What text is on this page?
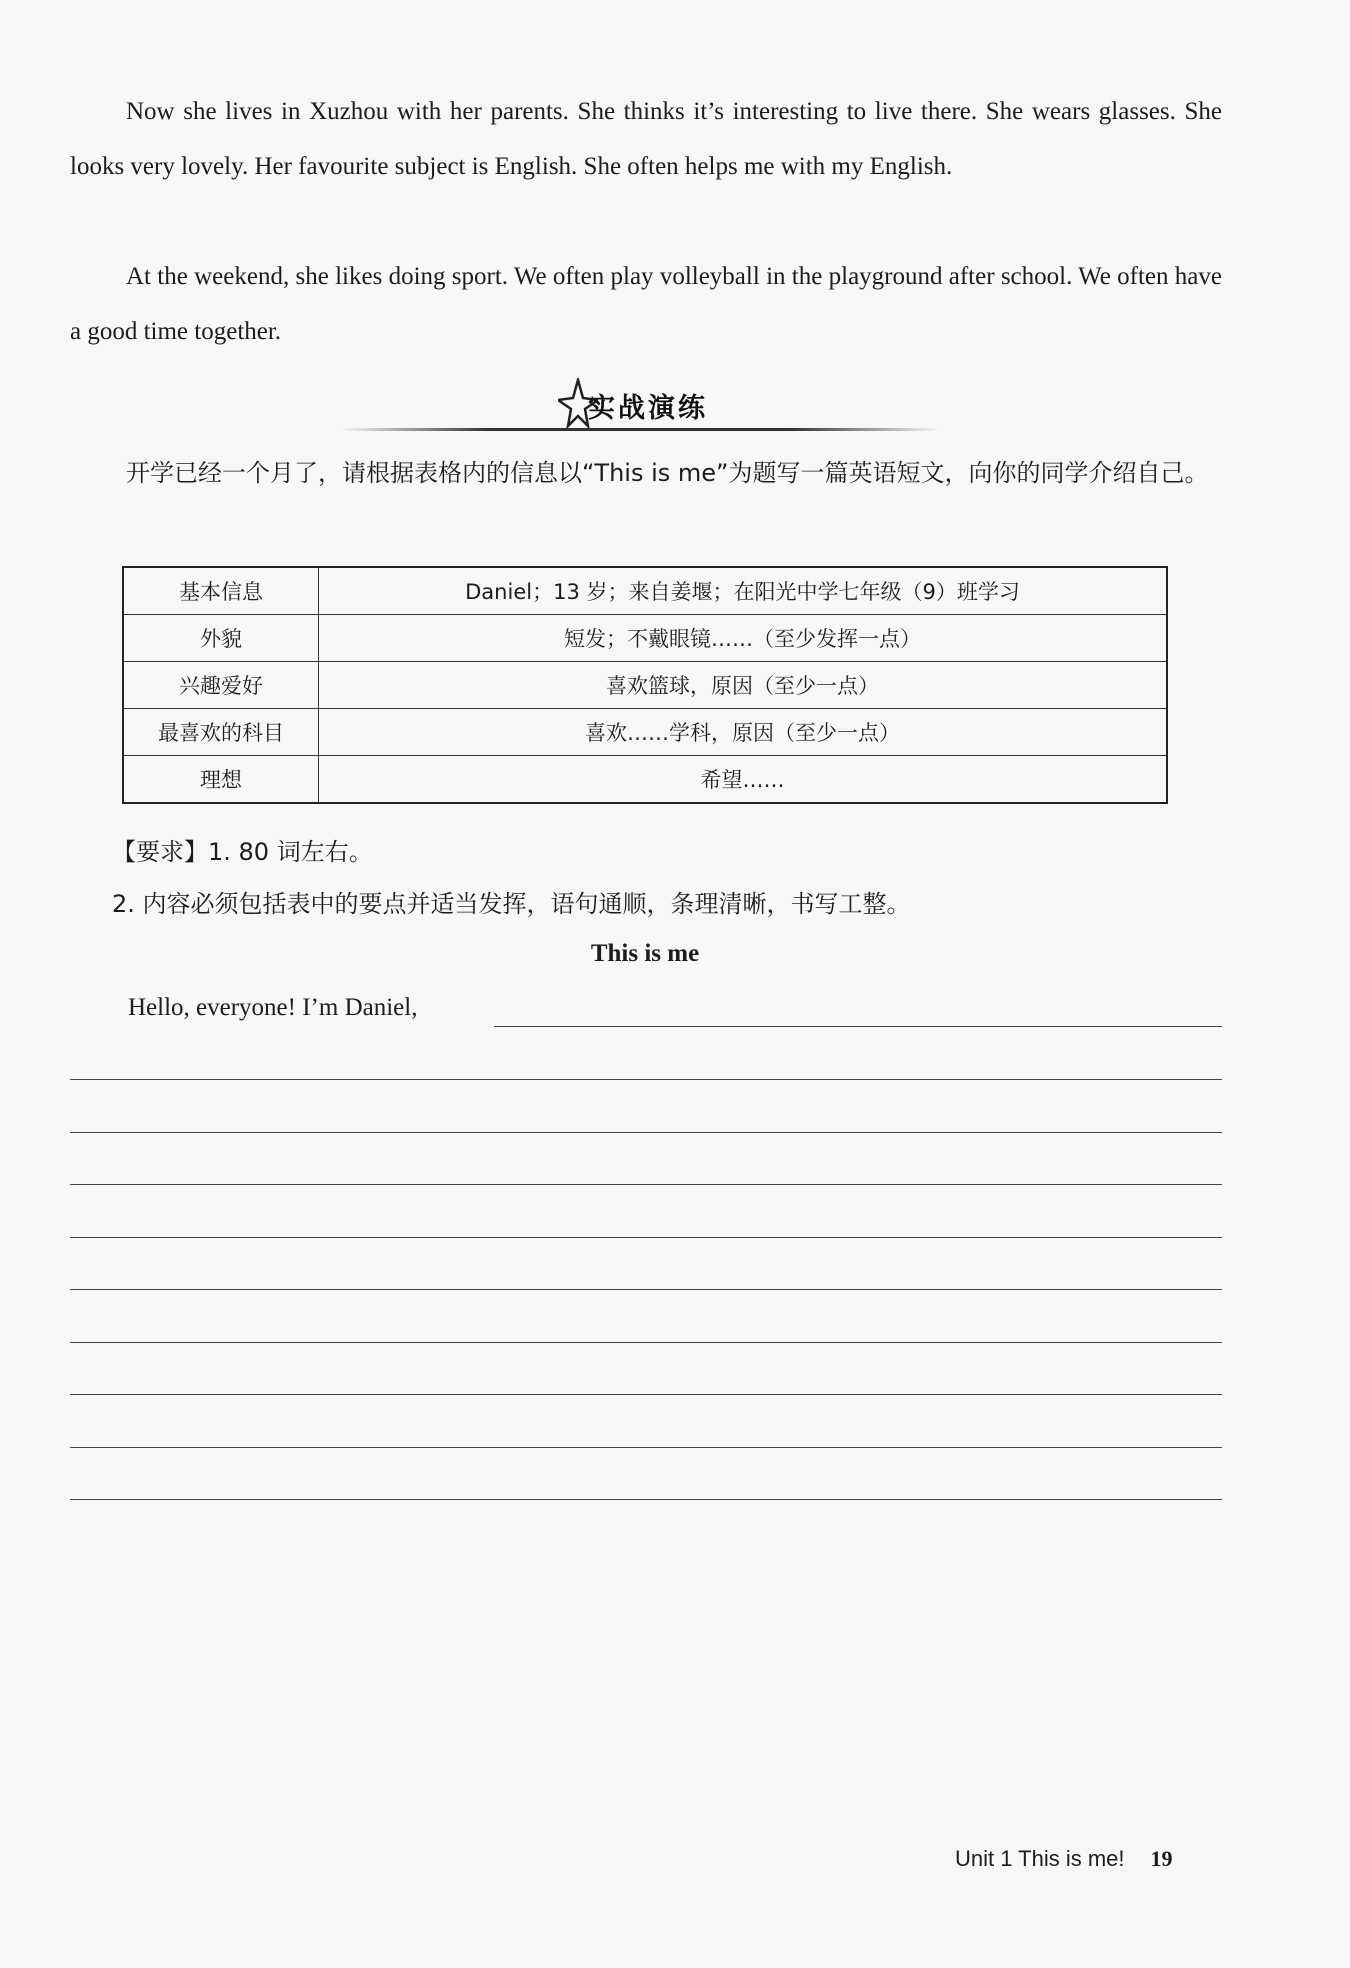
Now she lives in Xuzhou with her parents. She thinks it’s interesting to live there. She wears glasses. She looks very lovely. Her favourite subject is English. She often helps me with my English.

At the weekend, she likes doing sport. We often play volleyball in the playground after school. We often have a good time together.

实战演练

开学已经一个月了，请根据表格内的信息以“This is me”为题写一篇英语短文，向你的同学介绍自己。

基本信息	Daniel；13 岁；来自姜堰；在阳光中学七年级（9）班学习
外貌	短发；不戴眼镜……（至少发挥一点）
兴趣爱好	喜欢篮球，原因（至少一点）
最喜欢的科目	喜欢……学科，原因（至少一点）
理想	希望……
【要求】1. 80 词左右。
2. 内容必须包括表中的要点并适当发挥，语句通顺，条理清晰，书写工整。
This is me
Hello, everyone! I’m Daniel,
Unit 1 This is me! 19
